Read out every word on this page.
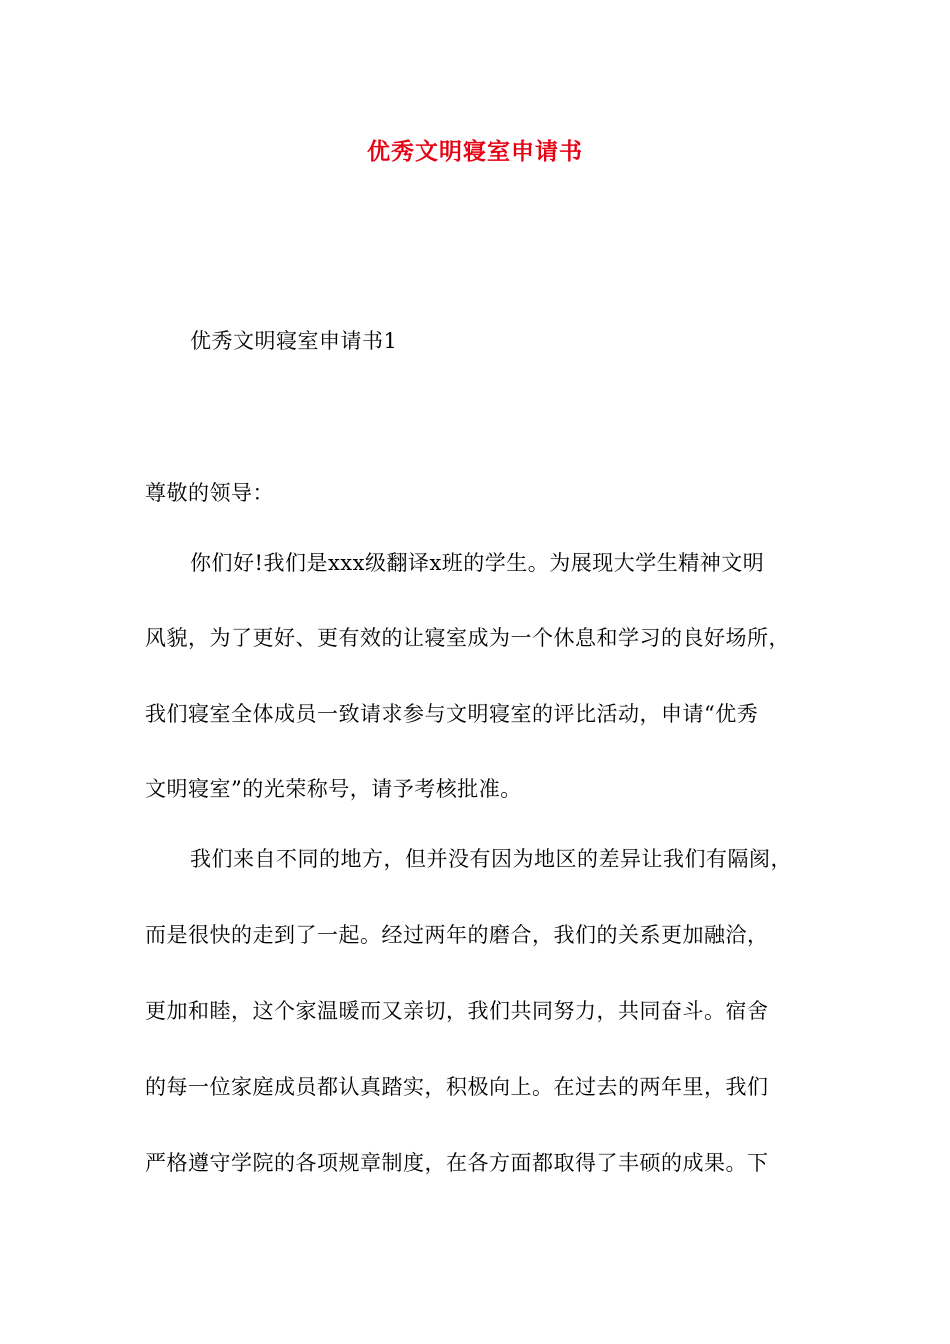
优秀文明寝室申请书
优秀文明寝室申请书1
尊敬的领导：
你们好!我们是xxx级翻译x班的学生。为展现大学生精神文明
风貌，为了更好、更有效的让寝室成为一个休息和学习的良好场所，
我们寝室全体成员一致请求参与文明寝室的评比活动，申请“优秀
文明寝室”的光荣称号，请予考核批准。
我们来自不同的地方，但并没有因为地区的差异让我们有隔阂，
而是很快的走到了一起。经过两年的磨合，我们的关系更加融洽，
更加和睦，这个家温暖而又亲切，我们共同努力，共同奋斗。宿舍
的每一位家庭成员都认真踏实，积极向上。在过去的两年里，我们
严格遵守学院的各项规章制度，在各方面都取得了丰硕的成果。下
